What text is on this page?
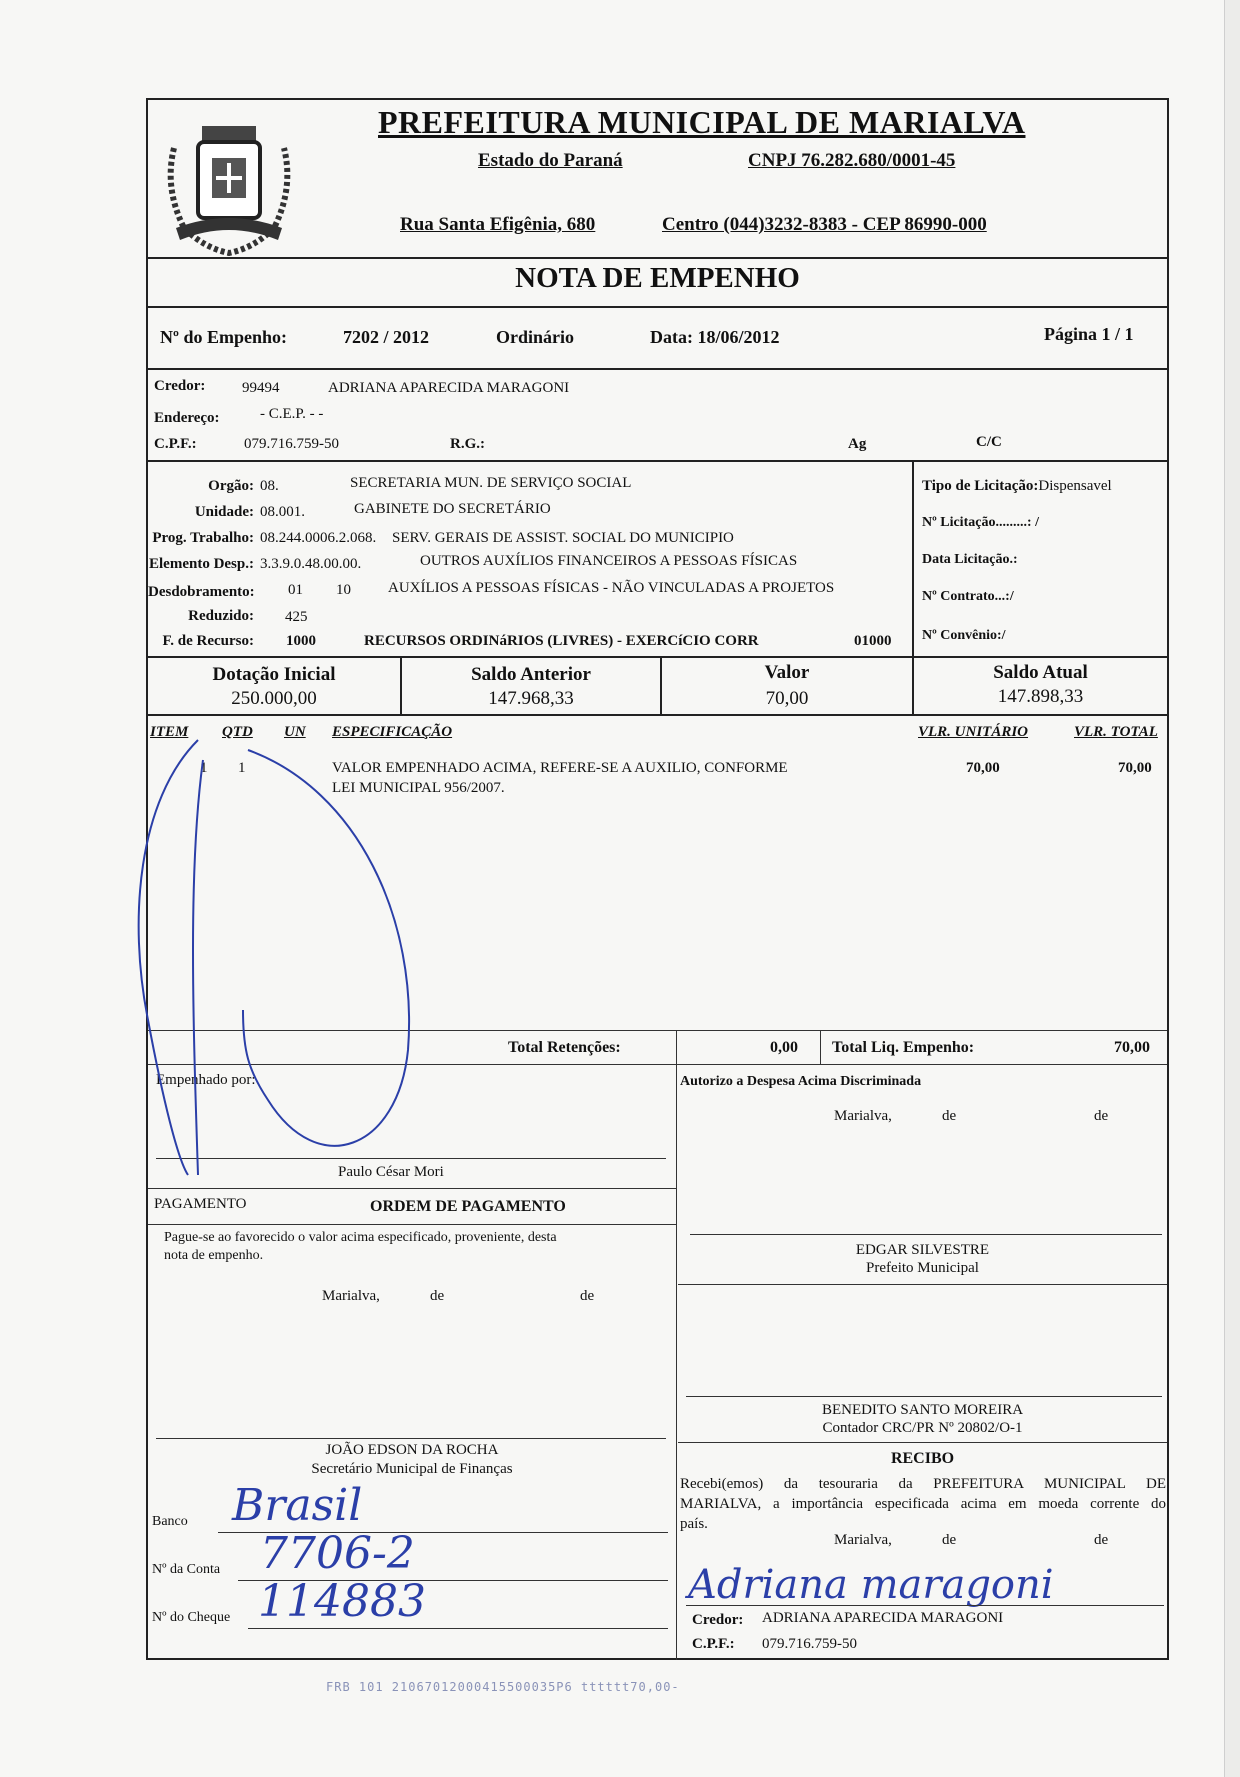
PREFEITURA MUNICIPAL DE MARIALVA
Estado do Paraná	CNPJ 76.282.680/0001-45
Rua Santa Efigênia, 680	Centro (044)3232-8383 - CEP 86990-000
NOTA DE EMPENHO
Nº do Empenho:	7202 / 2012	Ordinário	Data: 18/06/2012	Página 1 / 1
Credor: 99494	ADRIANA APARECIDA MARAGONI
Endereço:	- C.E.P. - -
C.P.F.:	079.716.759-50	R.G.:	Ag	C/C
Orgão: 08.	SECRETARIA MUN. DE SERVIÇO SOCIAL
Unidade: 08.001.	GABINETE DO SECRETÁRIO
Prog. Trabalho: 08.244.0006.2.068. SERV. GERAIS DE ASSIST. SOCIAL DO MUNICIPIO
Elemento Desp.: 3.3.9.0.48.00.00.	OUTROS AUXÍLIOS FINANCEIROS A PESSOAS FÍSICAS
Desdobramento: 01 10 AUXÍLIOS A PESSOAS FÍSICAS - NÃO VINCULADAS A PROJETOS
Reduzido: 425
F. de Recurso: 1000	RECURSOS ORDINáRIOS (LIVRES) - EXERCíCIO CORR	01000
Tipo de Licitação:Dispensavel
Nº Licitação.........: /
Data Licitação.:
Nº Contrato...:/
Nº Convênio:/
Dotação Inicial
250.000,00
Saldo Anterior
147.968,33
Valor
70,00
Saldo Atual
147.898,33
ITEM QTD UN ESPECIFICAÇÃO	VLR. UNITÁRIO	VLR. TOTAL
1 1	VALOR EMPENHADO ACIMA, REFERE-SE A AUXILIO, CONFORME
LEI MUNICIPAL 956/2007.
70,00	70,00
Total Retenções:	0,00 Total Liq. Empenho:	70,00
Empenhado por:
Paulo César Mori
PAGAMENTO	ORDEM DE PAGAMENTO
Pague-se ao favorecido o valor acima especificado, proveniente, desta
nota de empenho.
Marialva,	de	de
JOÃO EDSON DA ROCHA
Secretário Municipal de Finanças
Banco Brasil
Nº da Conta 7706-2
Nº do Cheque 114883
Autorizo a Despesa Acima Discriminada
Marialva,	de	de
EDGAR SILVESTRE
Prefeito Municipal
BENEDITO SANTO MOREIRA
Contador CRC/PR Nº 20802/O-1
RECIBO
Recebi(emos) da tesouraria da PREFEITURA MUNICIPAL DE
MARIALVA, a importância especificada acima em moeda corrente do
país.
Marialva,	de	de
Adriana maragoni
Credor: ADRIANA APARECIDA MARAGONI
C.P.F.: 079.716.759-50
FRB 101 21067012000415500035P6 tttttt70,00-
